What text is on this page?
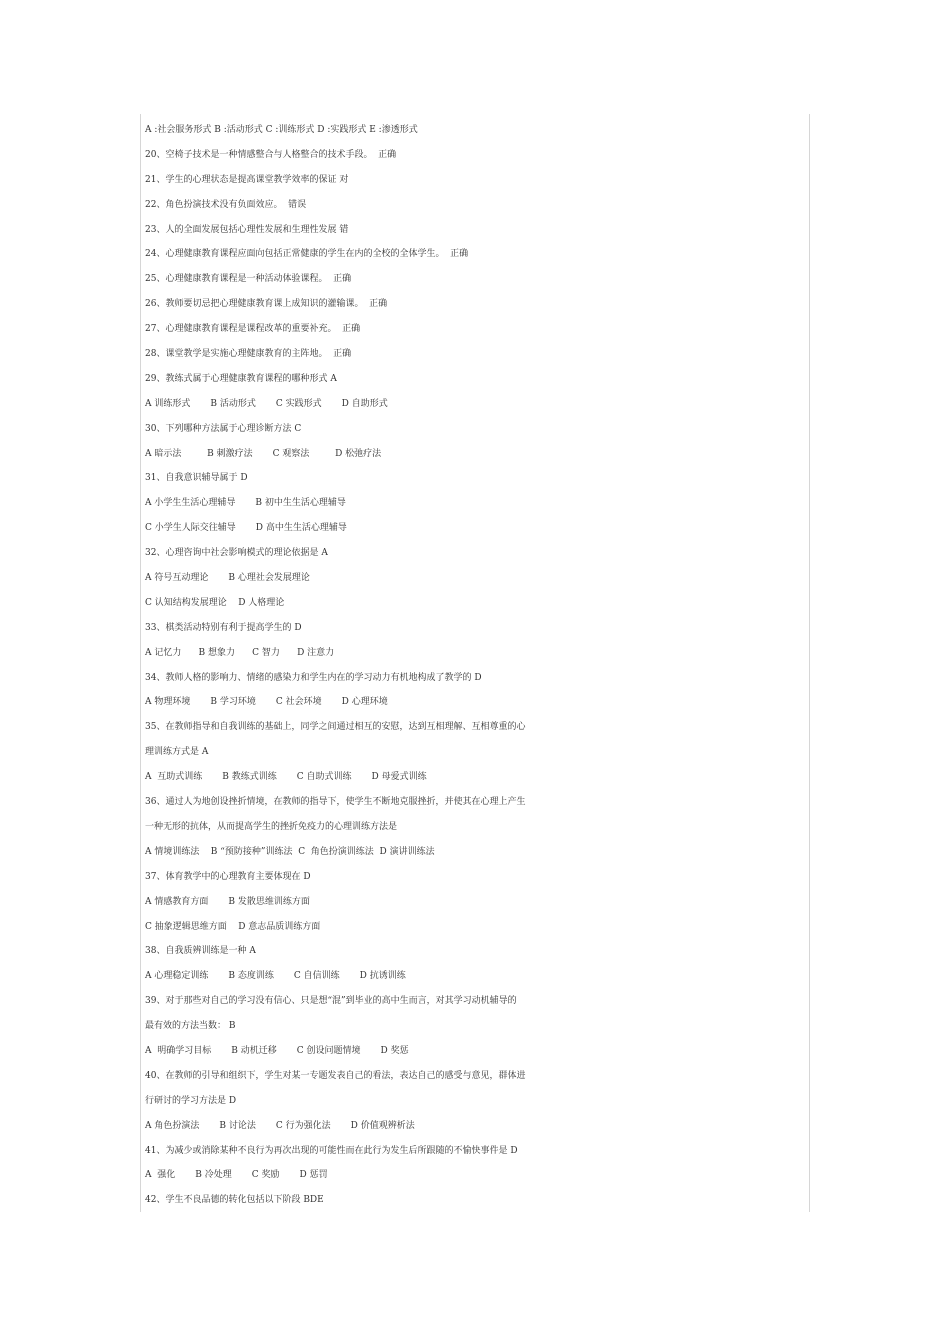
A :社会服务形式 B :活动形式 C :训练形式 D :实践形式 E :渗透形式
20、空椅子技术是一种情感整合与人格整合的技术手段。  正确
21、学生的心理状态是提高课堂教学效率的保证 对
22、角色扮演技术没有负面效应。  错误
23、人的全面发展包括心理性发展和生理性发展 错
24、心理健康教育课程应面向包括正常健康的学生在内的全校的全体学生。  正确
25、心理健康教育课程是一种活动体验课程。  正确
26、教师要切忌把心理健康教育课上成知识的灌输课。  正确
27、心理健康教育课程是课程改革的重要补充。  正确
28、课堂教学是实施心理健康教育的主阵地。  正确
29、教练式属于心理健康教育课程的哪种形式 A
A 训练形式       B 活动形式       C 实践形式       D 自助形式
30、下列哪种方法属于心理诊断方法 C
A 暗示法         B 刺激疗法       C 观察法         D 松弛疗法
31、自我意识辅导属于 D
A 小学生生活心理辅导       B 初中生生活心理辅导
C 小学生人际交往辅导       D 高中生生活心理辅导
32、心理咨询中社会影响模式的理论依据是 A
A 符号互动理论       B 心理社会发展理论
C 认知结构发展理论    D 人格理论
33、棋类活动特别有利于提高学生的 D
A 记忆力      B 想象力      C 智力      D 注意力
34、教师人格的影响力、情绪的感染力和学生内在的学习动力有机地构成了教学的 D
A 物理环境       B 学习环境       C 社会环境       D 心理环境
35、在教师指导和自我训练的基础上，同学之间通过相互的安慰，达到互相理解、互相尊重的心
理训练方式是 A
A  互助式训练       B 教练式训练       C 自助式训练       D 母爱式训练
36、通过人为地创设挫折情境，在教师的指导下，使学生不断地克服挫折，并使其在心理上产生
一种无形的抗体，从而提高学生的挫折免疫力的心理训练方法是
A 情境训练法    B “预防接种”训练法  C  角色扮演训练法  D 演讲训练法
37、体育教学中的心理教育主要体现在 D
A 情感教育方面       B 发散思维训练方面
C 抽象逻辑思维方面    D 意志品质训练方面
38、自我质辨训练是一种 A
A 心理稳定训练       B 态度训练       C 自信训练       D 抗诱训练
39、对于那些对自己的学习没有信心、只是想“混”到毕业的高中生而言，对其学习动机辅导的
最有效的方法当数： B
A  明确学习目标       B 动机迁移       C 创设问题情境       D 奖惩
40、在教师的引导和组织下，学生对某一专题发表自己的看法，表达自己的感受与意见，群体进
行研讨的学习方法是 D
A 角色扮演法       B 讨论法       C 行为强化法       D 价值观辨析法
41、为减少或消除某种不良行为再次出现的可能性而在此行为发生后所跟随的不愉快事件是 D
A  强化       B 冷处理       C 奖励       D 惩罚
42、学生不良品德的转化包括以下阶段 BDE
